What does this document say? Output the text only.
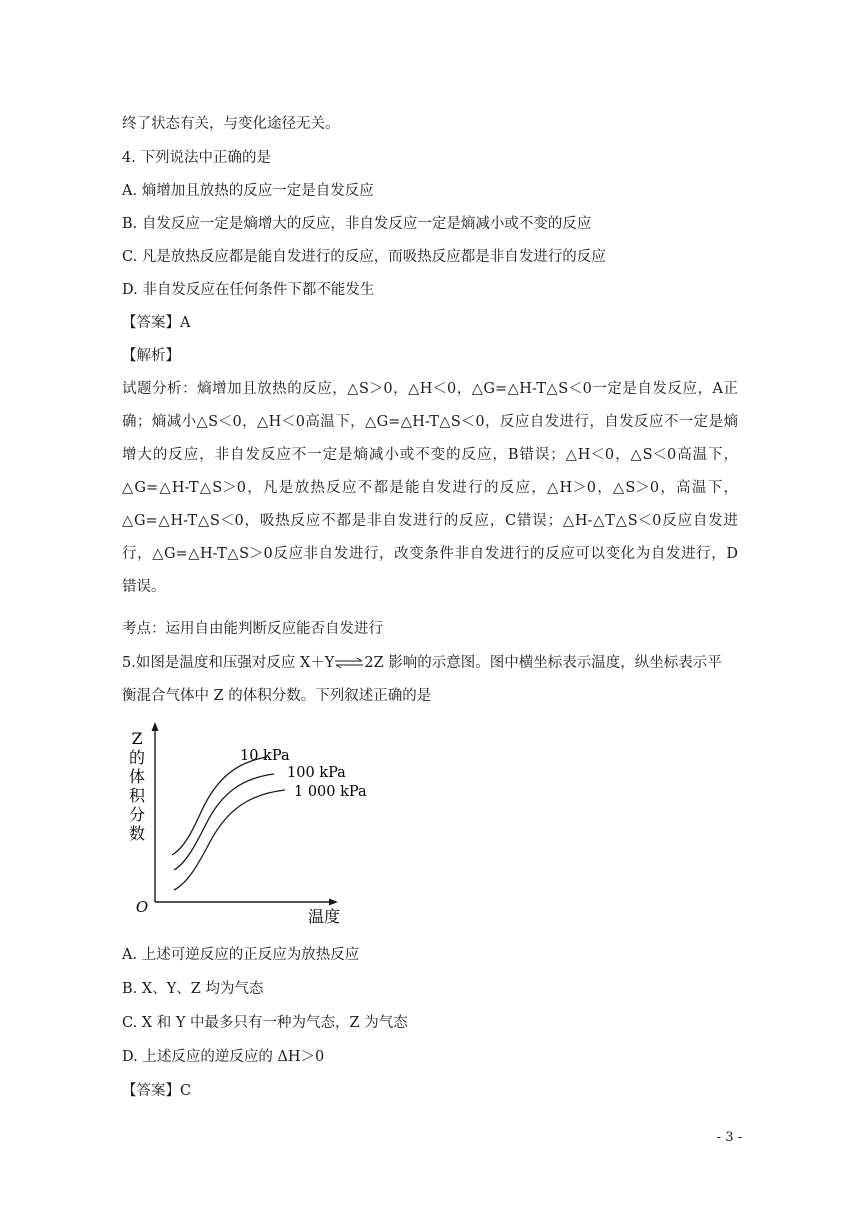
终了状态有关，与变化途径无关。
4. 下列说法中正确的是
A. 熵增加且放热的反应一定是自发反应
B. 自发反应一定是熵增大的反应，非自发反应一定是熵减小或不变的反应
C. 凡是放热反应都是能自发进行的反应，而吸热反应都是非自发进行的反应
D. 非自发反应在任何条件下都不能发生
【答案】A
【解析】
试题分析：熵增加且放热的反应，△S＞0，△H＜0，△G=△H-T△S＜0一定是自发反应，A正
确；熵减小△S＜0，△H＜0高温下，△G=△H-T△S＜0，反应自发进行，自发反应不一定是熵
增大的反应，非自发反应不一定是熵减小或不变的反应，B错误；△H＜0，△S＜0高温下，
△G=△H-T△S＞0，凡是放热反应不都是能自发进行的反应，△H＞0，△S＞0，高温下，
△G=△H-T△S＜0，吸热反应不都是非自发进行的反应，C错误；△H-△T△S＜0反应自发进
行，△G=△H-T△S＞0反应非自发进行，改变条件非自发进行的反应可以变化为自发进行，D
错误。
考点：运用自由能判断反应能否自发进行
5.如图是温度和压强对反应 X＋Y⇌2Z 影响的示意图。图中横坐标表示温度，纵坐标表示平
衡混合气体中 Z 的体积分数。下列叙述正确的是
Z
的
体
积
分
数
O	温度
10 kPa
100 kPa
1 000 kPa
A. 上述可逆反应的正反应为放热反应
B. X、Y、Z 均为气态
C. X 和 Y 中最多只有一种为气态，Z 为气态
D. 上述反应的逆反应的 ΔH＞0
【答案】C
- 3 -
